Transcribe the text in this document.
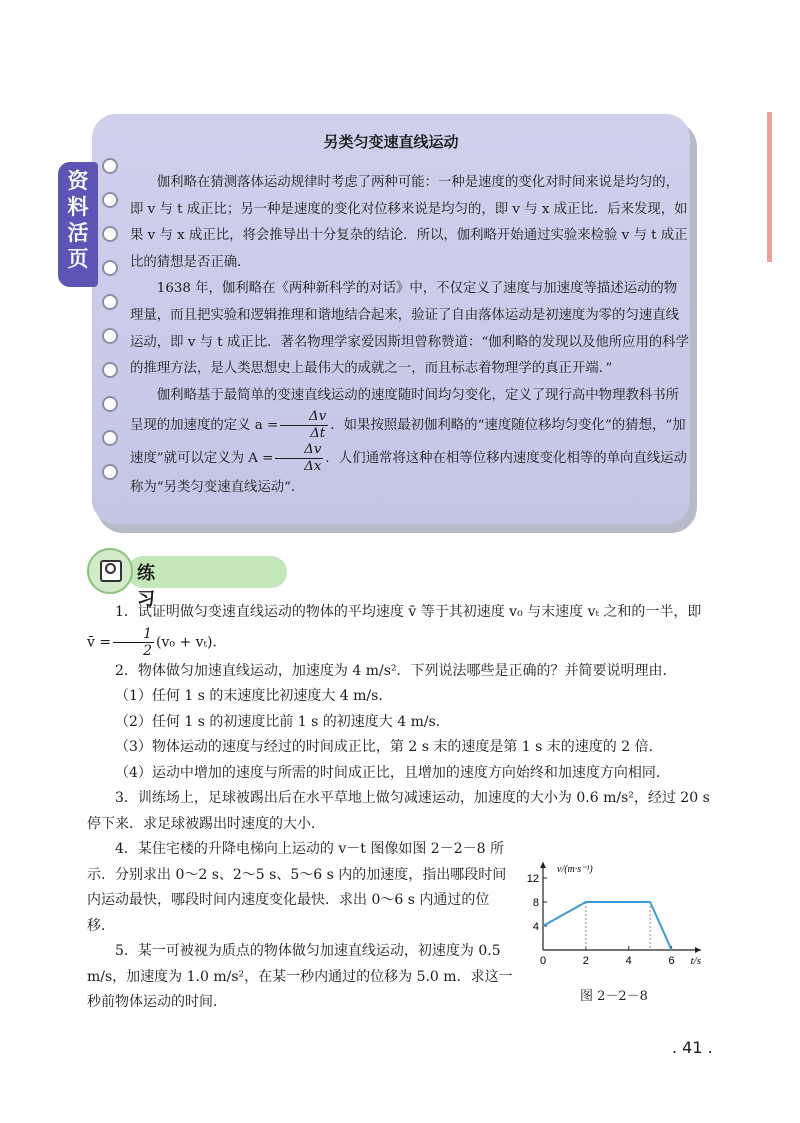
资料活页
另类匀变速直线运动

伽利略在猜测落体运动规律时考虑了两种可能：一种是速度的变化对时间来说是均匀的，即 v 与 t 成正比；另一种是速度的变化对位移来说是均匀的，即 v 与 x 成正比．后来发现，如果 v 与 x 成正比，将会推导出十分复杂的结论．所以，伽利略开始通过实验来检验 v 与 t 成正比的猜想是否正确．

1638 年，伽利略在《两种新科学的对话》中，不仅定义了速度与加速度等描述运动的物理量，而且把实验和逻辑推理和谐地结合起来，验证了自由落体运动是初速度为零的匀速直线运动，即 v 与 t 成正比．著名物理学家爱因斯坦曾称赞道：“伽利略的发现以及他所应用的科学的推理方法，是人类思想史上最伟大的成就之一，而且标志着物理学的真正开端．”

伽利略基于最简单的变速直线运动的速度随时间均匀变化，定义了现行高中物理教科书所呈现的加速度的定义 $a = \frac{\Delta v}{\Delta t}$ ．如果按照最初伽利略的“速度随位移均匀变化”的猜想，“加速度”就可以定义为 $A = \frac{\Delta v}{\Delta x}$ ．人们通常将这种在相等位移内速度变化相等的单向直线运动称为“另类匀变速直线运动”．

练习

1．试证明做匀变速直线运动的物体的平均速度 v̄ 等于其初速度 v₀ 与末速度 vₜ 之和的一半，即 v̄ = $\frac{1}{2} (v_0 + v_t)$．

2．物体做匀加速直线运动，加速度为 4 m/s²．下列说法哪些是正确的？并简要说明理由．

（1）任何 1 s 的末速度比初速度大 4 m/s．

（2）任何 1 s 的初速度比前 1 s 的初速度大 4 m/s．

（3）物体运动的速度与经过的时间成正比，第 2 s 末的速度是第 1 s 末的速度的 2 倍．

（4）运动中增加的速度与所需的时间成正比，且增加的速度方向始终和加速度方向相同．

3．训练场上，足球被踢出后在水平草地上做匀减速运动，加速度的大小为 0.6 m/s²，经过 20 s 停下来．求足球被踢出时速度的大小．

4．某住宅楼的升降电梯向上运动的 v－t 图像如图 2－2－8 所示．分别求出 0～2 s、2～5 s、5～6 s 内的加速度，指出哪段时间内运动最快，哪段时间内速度变化最快．求出 0～6 s 内通过的位移．

5．某一可被视为质点的物体做匀加速直线运动，初速度为 0.5 m/s，加速度为 1.0 m/s²，在某一秒内通过的位移为 5.0 m．求这一秒前物体运动的时间．

4
8
12
0	2	4	6
v/(m·s⁻¹)
t/s
图 2－2－8
. 41 .
